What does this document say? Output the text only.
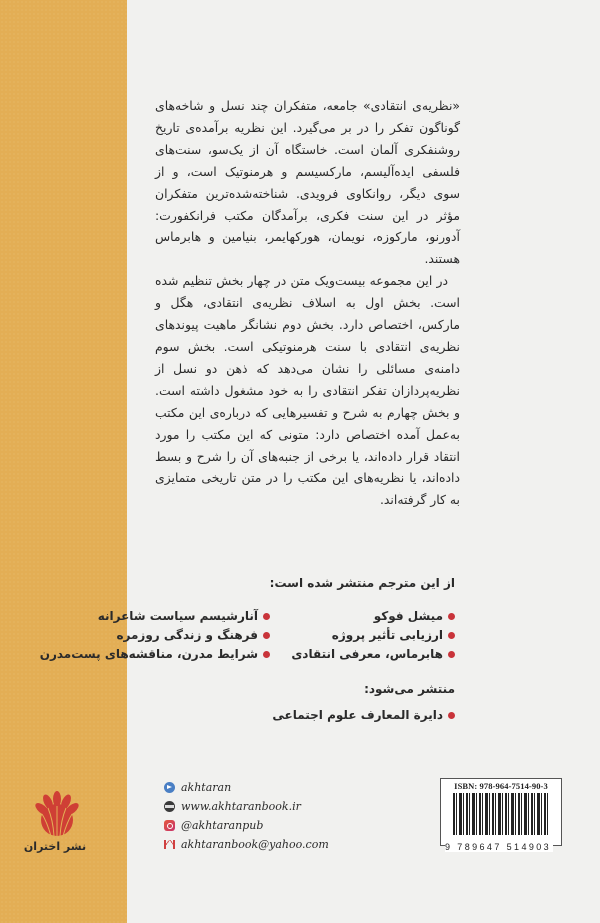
«نظریه‌ی انتقادی» جامعه، متفکران چند نسل و شاخه‌های گوناگون تفکر را در بر می‌گیرد. این نظریه برآمده‌ی تاریخ روشنفکری آلمان است. خاستگاه آن از یک‌سو، سنت‌های فلسفی ایده‌آلیسم، مارکسیسم و هرمنوتیک است، و از سوی دیگر، روانکاوی فرویدی. شناخته‌شده‌ترین متفکران مؤثر در این سنت فکری، برآمدگان مکتب فرانکفورت: آدورنو، مارکوزه، نویمان، هورکهایمر، بنیامین و هابرماس هستند.

در این مجموعه بیست‌ویک متن در چهار بخش تنظیم شده است. بخش اول به اسلاف نظریه‌ی انتقادی، هگل و مارکس، اختصاص دارد. بخش دوم نشانگر ماهیت پیوندهای نظریه‌ی انتقادی با سنت هرمنوتیکی است. بخش سوم دامنه‌ی مسائلی را نشان می‌دهد که ذهن دو نسل از نظریه‌پردازان تفکر انتقادی را به خود مشغول داشته است. و بخش چهارم به شرح و تفسیرهایی که درباره‌ی این مکتب به‌عمل آمده اختصاص دارد: متونی که این مکتب را مورد انتقاد قرار داده‌اند، یا برخی از جنبه‌های آن را شرح و بسط داده‌اند، یا نظریه‌های این مکتب را در متن تاریخی متمایزی به کار گرفته‌اند.

از این مترجم منتشر شده است:
میشل فوکو
ارزیابی تأثیر پروژه
هابرماس، معرفی انتقادی
آنارشیسم سیاست شاعرانه
فرهنگ و زندگی روزمره
شرایط مدرن، مناقشه‌های پست‌مدرن
منتشر می‌شود:
دایرة المعارف علوم اجتماعی
akhtaran
www.akhtaranbook.ir
@akhtaranpub
akhtaranbook@yahoo.com
ISBN: 978-964-7514-90-3
9 789647 514903
نشر اختران
